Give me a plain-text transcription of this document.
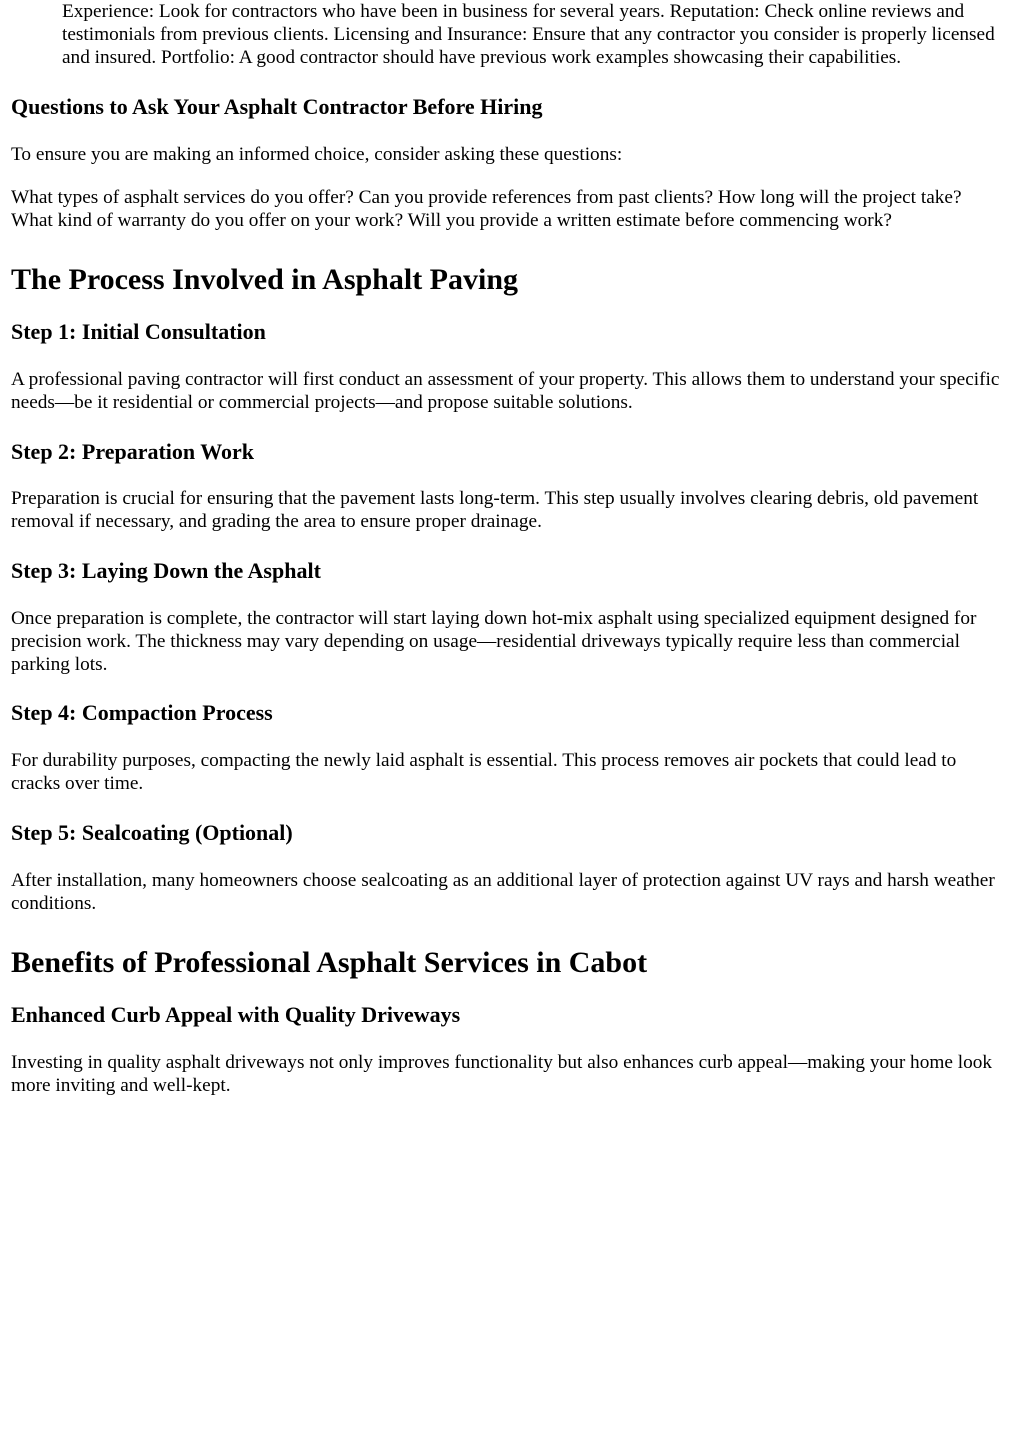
Experience: Look for contractors who have been in business for several years. Reputation: Check online reviews and testimonials from previous clients. Licensing and Insurance: Ensure that any contractor you consider is properly licensed and insured. Portfolio: A good contractor should have previous work examples showcasing their capabilities.

Questions to Ask Your Asphalt Contractor Before Hiring

To ensure you are making an informed choice, consider asking these questions:

What types of asphalt services do you offer? Can you provide references from past clients? How long will the project take? What kind of warranty do you offer on your work? Will you provide a written estimate before commencing work?

The Process Involved in Asphalt Paving
Step 1: Initial Consultation

A professional paving contractor will first conduct an assessment of your property. This allows them to understand your specific needs—be it residential or commercial projects—and propose suitable solutions.

Step 2: Preparation Work

Preparation is crucial for ensuring that the pavement lasts long-term. This step usually involves clearing debris, old pavement removal if necessary, and grading the area to ensure proper drainage.

Step 3: Laying Down the Asphalt

Once preparation is complete, the contractor will start laying down hot-mix asphalt using specialized equipment designed for precision work. The thickness may vary depending on usage—residential driveways typically require less than commercial parking lots.

Step 4: Compaction Process

For durability purposes, compacting the newly laid asphalt is essential. This process removes air pockets that could lead to cracks over time.

Step 5: Sealcoating (Optional)

After installation, many homeowners choose sealcoating as an additional layer of protection against UV rays and harsh weather conditions.

Benefits of Professional Asphalt Services in Cabot
Enhanced Curb Appeal with Quality Driveways

Investing in quality asphalt driveways not only improves functionality but also enhances curb appeal—making your home look more inviting and well-kept.
